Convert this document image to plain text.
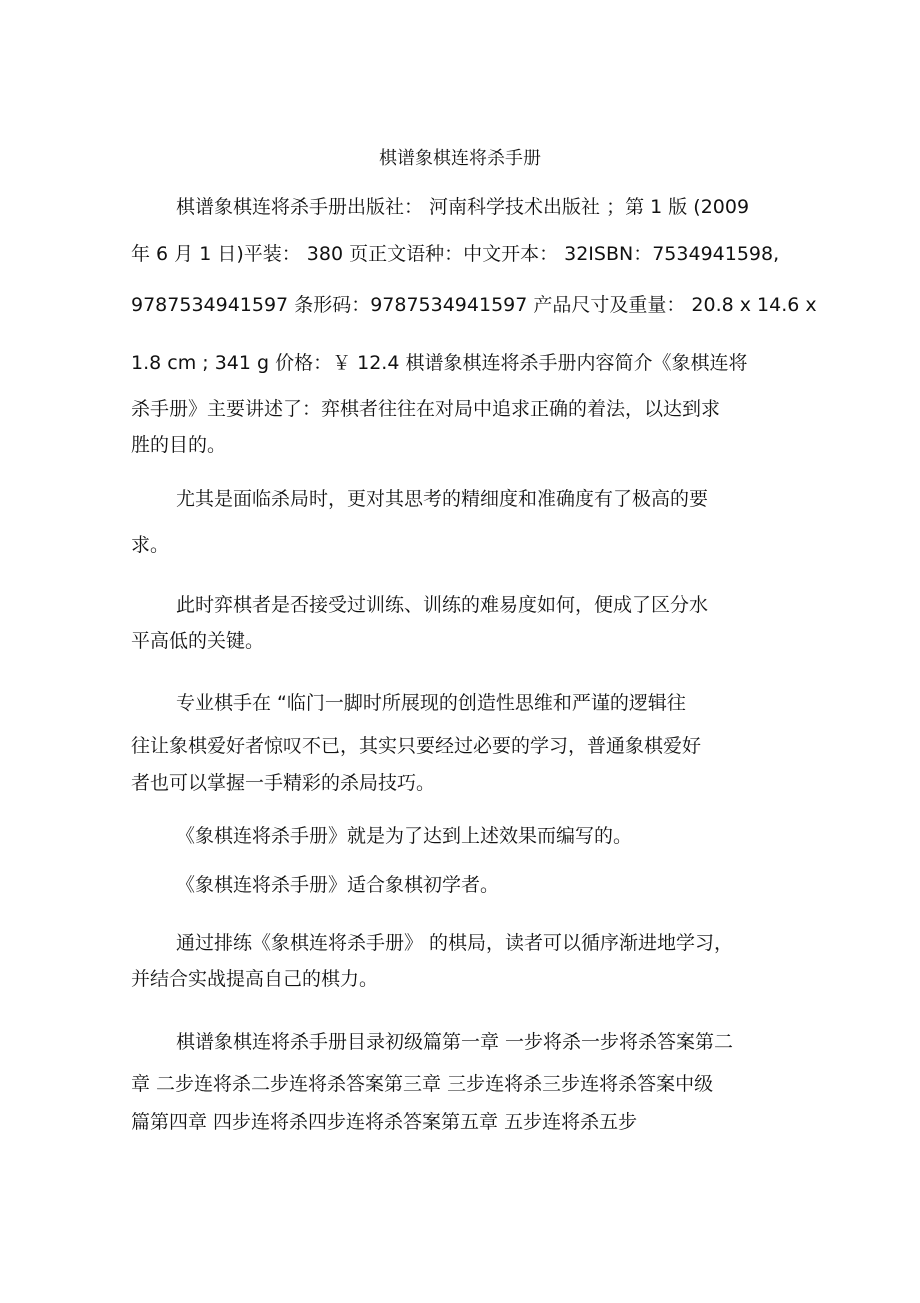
棋谱象棋连将杀手册
棋谱象棋连将杀手册出版社： 河南科学技术出版社 ；第 1 版 (2009
年 6 月 1 日)平装： 380 页正文语种：中文开本： 32ISBN：7534941598,
9787534941597 条形码：9787534941597 产品尺寸及重量： 20.8 x 14.6 x
1.8 cm ; 341 g 价格：￥ 12.4 棋谱象棋连将杀手册内容简介《象棋连将
杀手册》主要讲述了：弈棋者往往在对局中追求正确的着法，以达到求
胜的目的。
尤其是面临杀局时，更对其思考的精细度和准确度有了极高的要
求。
此时弈棋者是否接受过训练、训练的难易度如何，便成了区分水
平高低的关键。
专业棋手在 “临门一脚时所展现的创造性思维和严谨的逻辑往
往让象棋爱好者惊叹不已，其实只要经过必要的学习，普通象棋爱好
者也可以掌握一手精彩的杀局技巧。
《象棋连将杀手册》就是为了达到上述效果而编写的。
《象棋连将杀手册》适合象棋初学者。
通过排练《象棋连将杀手册》 的棋局，读者可以循序渐进地学习，
并结合实战提高自己的棋力。
棋谱象棋连将杀手册目录初级篇第一章 一步将杀一步将杀答案第二
章 二步连将杀二步连将杀答案第三章 三步连将杀三步连将杀答案中级
篇第四章 四步连将杀四步连将杀答案第五章 五步连将杀五步
